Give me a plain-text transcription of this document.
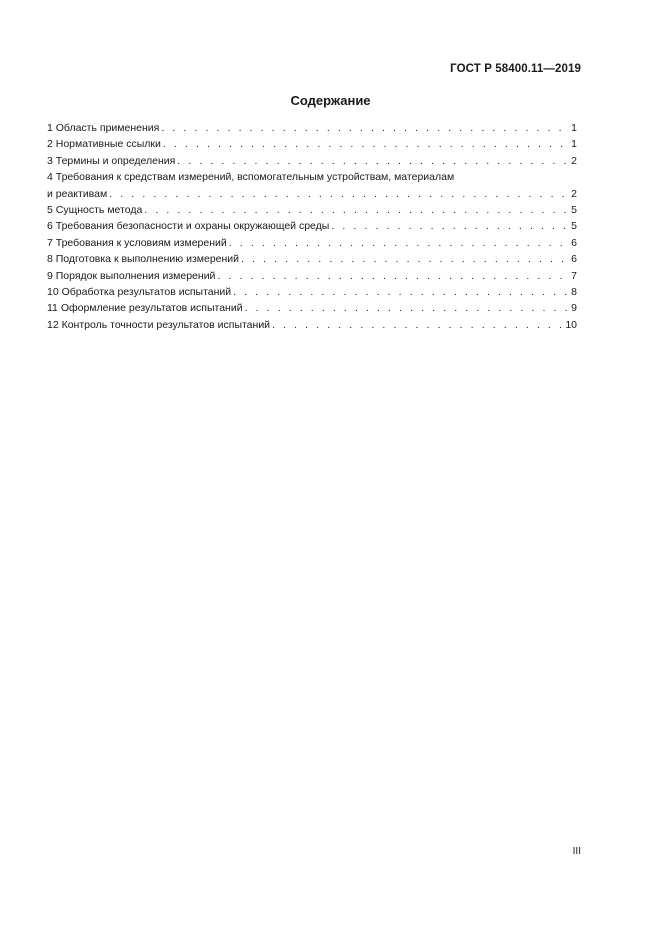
ГОСТ Р 58400.11—2019
Содержание
1 Область применения . . .	1
2 Нормативные ссылки . . .	1
3 Термины и определения . . .	2
4 Требования к средствам измерений, вспомогательным устройствам, материалам
и реактивам . . .	2
5 Сущность метода . . .	5
6 Требования безопасности и охраны окружающей среды . . .	5
7 Требования к условиям измерений . . .	6
8 Подготовка к выполнению измерений . . .	6
9 Порядок выполнения измерений . . .	7
10 Обработка результатов испытаний . . .	8
11 Оформление результатов испытаний . . .	9
12 Контроль точности результатов испытаний . . .	10
III
